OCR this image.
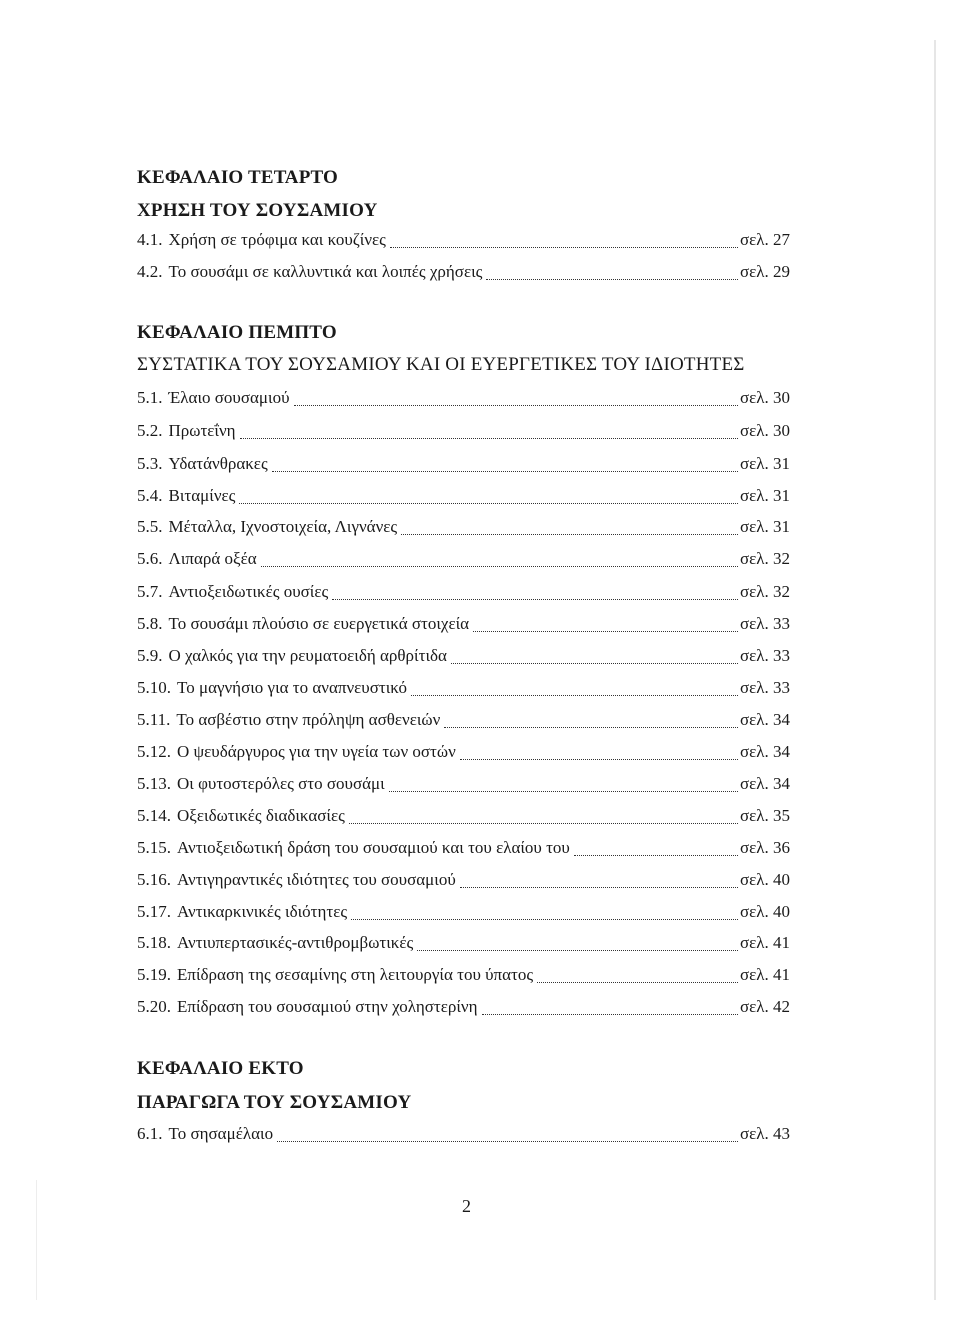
ΚΕΦΑΛΑΙΟ ΤΕΤΑΡΤΟ
ΧΡΗΣΗ ΤΟΥ ΣΟΥΣΑΜΙΟΥ
4.1. Χρήση σε τρόφιμα και κουζίνες	σελ. 27
4.2. Το σουσάμι σε καλλυντικά και λοιπές χρήσεις	σελ. 29
ΚΕΦΑΛΑΙΟ ΠΕΜΠΤΟ
ΣΥΣΤΑΤΙΚΑ ΤΟΥ ΣΟΥΣΑΜΙΟΥ ΚΑΙ ΟΙ ΕΥΕΡΓΕΤΙΚΕΣ ΤΟΥ ΙΔΙΟΤΗΤΕΣ
5.1. Έλαιο σουσαμιού	σελ. 30
5.2. Πρωτεΐνη	σελ. 30
5.3. Υδατάνθρακες	σελ. 31
5.4. Βιταμίνες	σελ. 31
5.5. Μέταλλα, Ιχνοστοιχεία, Λιγνάνες	σελ. 31
5.6. Λιπαρά οξέα	σελ. 32
5.7. Αντιοξειδωτικές ουσίες	σελ. 32
5.8. Το σουσάμι πλούσιο σε ευεργετικά στοιχεία	σελ. 33
5.9. Ο χαλκός για την ρευματοειδή αρθρίτιδα	σελ. 33
5.10. Το μαγνήσιο για το αναπνευστικό	σελ. 33
5.11. Το ασβέστιο στην πρόληψη ασθενειών	σελ. 34
5.12. Ο ψευδάργυρος για την υγεία των οστών	σελ. 34
5.13. Οι φυτοστερόλες στο σουσάμι	σελ. 34
5.14. Οξειδωτικές διαδικασίες	σελ. 35
5.15. Αντιοξειδωτική δράση του σουσαμιού και του ελαίου του	σελ. 36
5.16. Αντιγηραντικές ιδιότητες του σουσαμιού	σελ. 40
5.17. Αντικαρκινικές ιδιότητες	σελ. 40
5.18. Αντιυπερτασικές-αντιθρομβωτικές	σελ. 41
5.19. Επίδραση της σεσαμίνης στη λειτουργία του ύπατος	σελ. 41
5.20. Επίδραση του σουσαμιού στην χοληστερίνη	σελ. 42
ΚΕΦΑΛΑΙΟ ΕΚΤΟ
ΠΑΡΑΓΩΓΑ ΤΟΥ ΣΟΥΣΑΜΙΟΥ
6.1. Το σησαμέλαιο	σελ. 43
2
